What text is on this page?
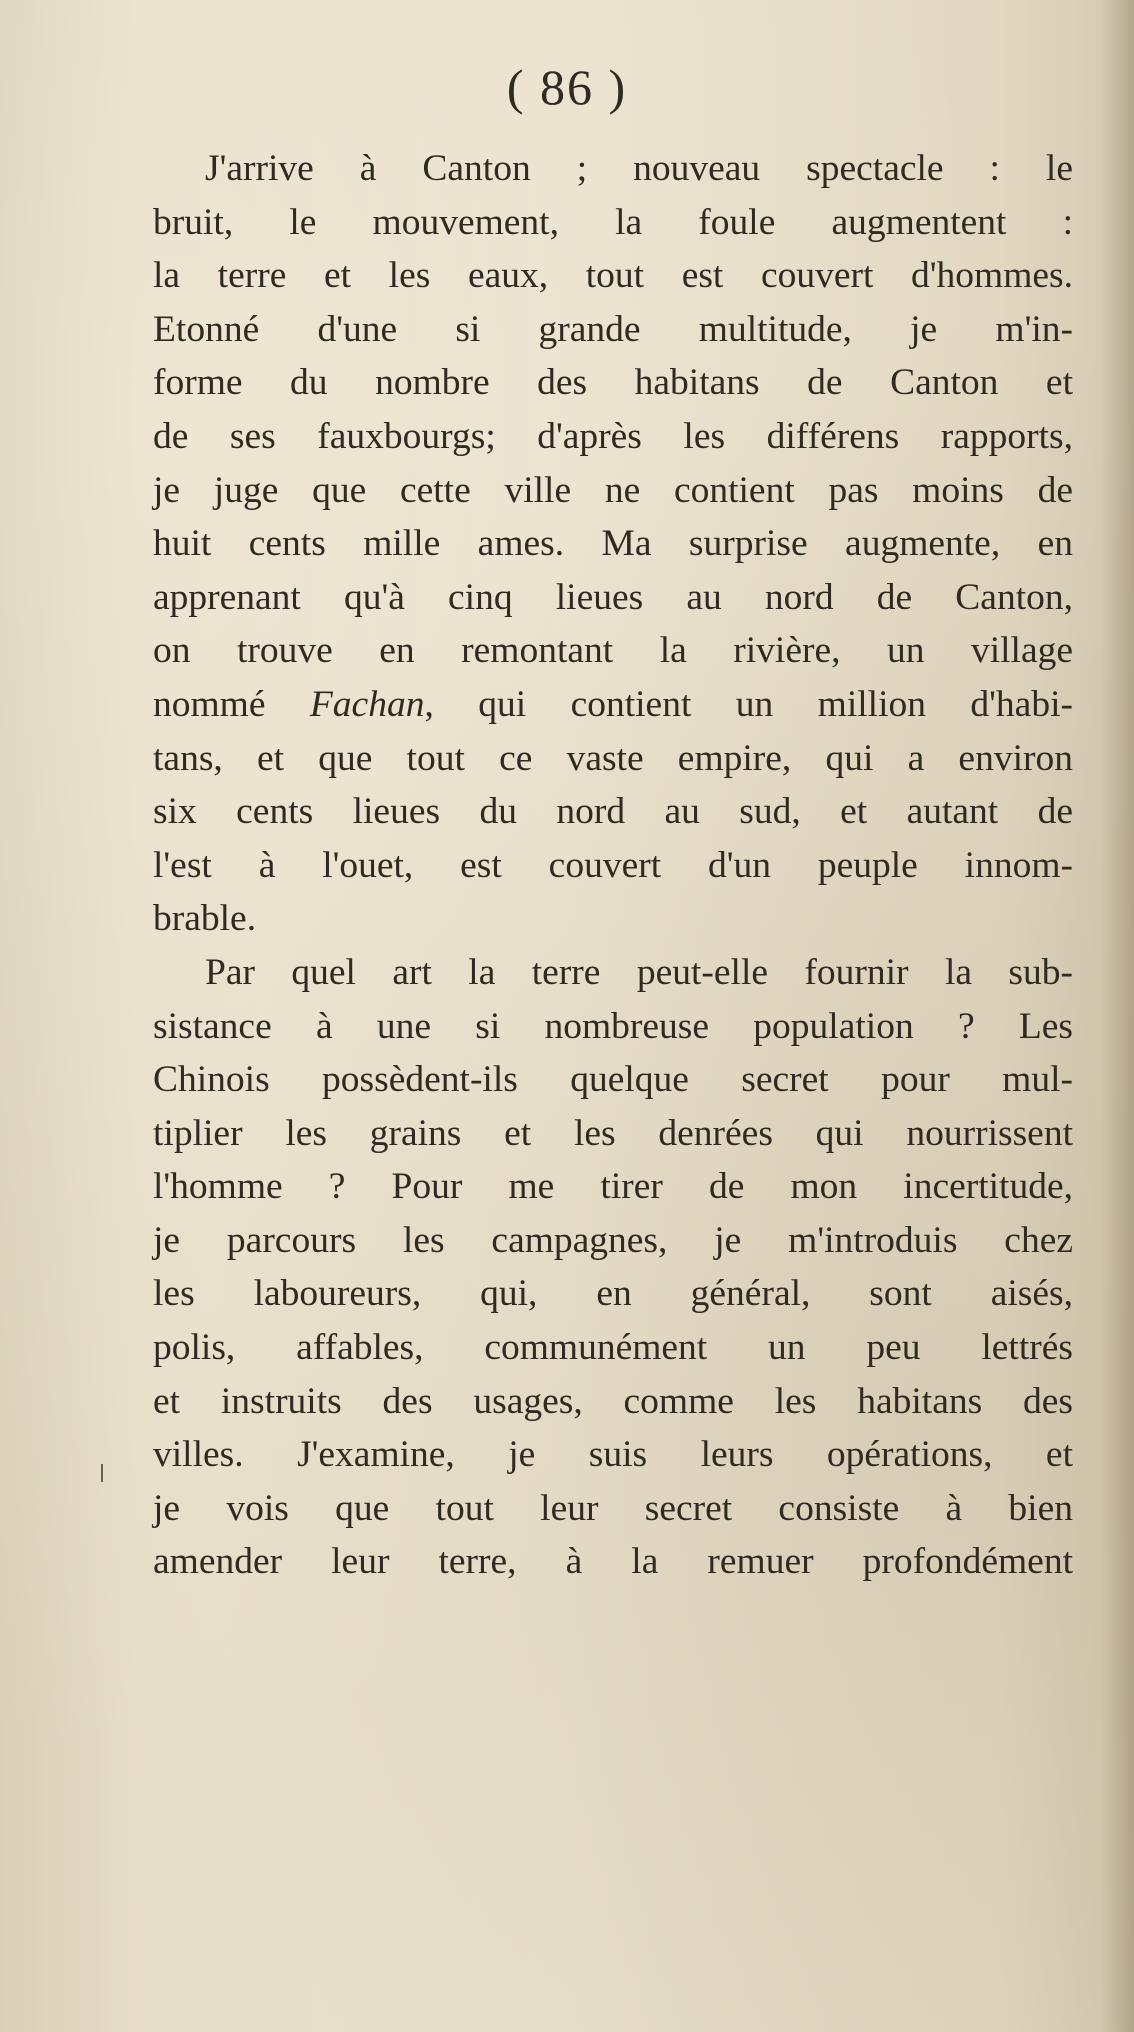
( 86 )
J'arrive à Canton ; nouveau spectacle : le
bruit, le mouvement, la foule augmentent :
la terre et les eaux, tout est couvert d'hommes.
Etonné d'une si grande multitude, je m'in-
forme du nombre des habitans de Canton et
de ses fauxbourgs; d'après les différens rapports,
je juge que cette ville ne contient pas moins de
huit cents mille ames. Ma surprise augmente, en
apprenant qu'à cinq lieues au nord de Canton,
on trouve en remontant la rivière, un village
nommé Fachan, qui contient un million d'habi-
tans, et que tout ce vaste empire, qui a environ
six cents lieues du nord au sud, et autant de
l'est à l'ouet, est couvert d'un peuple innom-
brable.
Par quel art la terre peut-elle fournir la sub-
sistance à une si nombreuse population ? Les
Chinois possèdent-ils quelque secret pour mul-
tiplier les grains et les denrées qui nourrissent
l'homme ? Pour me tirer de mon incertitude,
je parcours les campagnes, je m'introduis chez
les laboureurs, qui, en général, sont aisés,
polis, affables, communément un peu lettrés
et instruits des usages, comme les habitans des
villes. J'examine, je suis leurs opérations, et
je vois que tout leur secret consiste à bien
amender leur terre, à la remuer profondément
